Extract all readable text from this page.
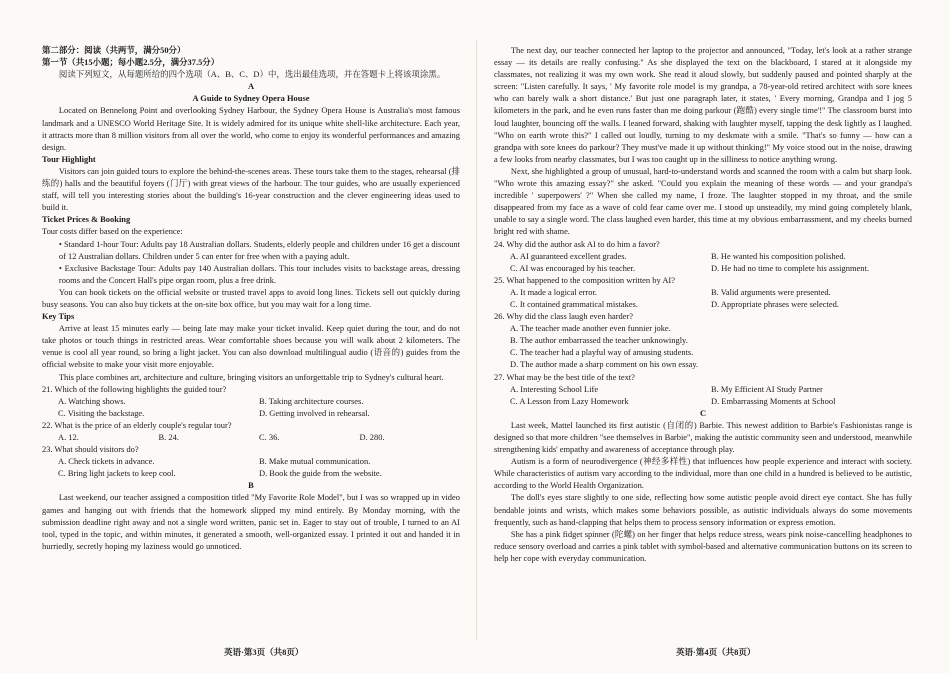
第二部分：阅读（共两节，满分50分）

第一节（共15小题；每小题2.5分，满分37.5分）

阅读下列短文，从每题所给的四个选项（A、B、C、D）中，选出最佳选项，并在答题卡上将该项涂黑。

A

A Guide to Sydney Opera House

Located on Bennelong Point and overlooking Sydney Harbour, the Sydney Opera House is Australia's most famous landmark and a UNESCO World Heritage Site. It is widely admired for its unique white shell-like architecture. Each year, it attracts more than 8 million visitors from all over the world, who come to enjoy its wonderful performances and amazing design.

Tour Highlight

Visitors can join guided tours to explore the behind-the-scenes areas. These tours take them to the stages, rehearsal (排练的) halls and the beautiful foyers (门厅) with great views of the harbour. The tour guides, who are usually experienced staff, will tell you interesting stories about the building's 16-year construction and the clever engineering ideas used to build it.

Ticket Prices & Booking

Tour costs differ based on the experience:

• Standard 1-hour Tour: Adults pay 18 Australian dollars. Students, elderly people and children under 16 get a discount of 12 Australian dollars. Children under 5 can enter for free when with a paying adult.

• Exclusive Backstage Tour: Adults pay 140 Australian dollars. This tour includes visits to backstage areas, dressing rooms and the Concert Hall's pipe organ room, plus a free drink.

You can book tickets on the official website or trusted travel apps to avoid long lines. Tickets sell out quickly during busy seasons. You can also buy tickets at the on-site box office, but you may wait for a long time.

Key Tips

Arrive at least 15 minutes early — being late may make your ticket invalid. Keep quiet during the tour, and do not take photos or touch things in restricted areas. Wear comfortable shoes because you will walk about 2 kilometers. The venue is cool all year round, so bring a light jacket. You can also download multilingual audio (语音的) guides from the official website to make your visit more enjoyable.

This place combines art, architecture and culture, bringing visitors an unforgettable trip to Sydney's cultural heart.

21. Which of the following highlights the guided tour?

A. Watching shows.	B. Taking architecture courses.
C. Visiting the backstage.	D. Getting involved in rehearsal.

22. What is the price of an elderly couple's regular tour?

A. 12.	B. 24.	C. 36.	D. 280.

23. What should visitors do?

A. Check tickets in advance.	B. Make mutual communication.
C. Bring light jackets to keep cool.	D. Book the guide from the website.

B

Last weekend, our teacher assigned a composition titled "My Favorite Role Model", but I was so wrapped up in video games and hanging out with friends that the homework slipped my mind entirely. By Monday morning, with the submission deadline right away and not a single word written, panic set in. Eager to stay out of trouble, I turned to an AI tool, typed in the topic, and within minutes, it generated a smooth, well-organized essay. I printed it out and handed it in hurriedly, secretly hoping my laziness would go unnoticed.

The next day, our teacher connected her laptop to the projector and announced, "Today, let's look at a rather strange essay — its details are really confusing." As she displayed the text on the blackboard, I stared at it alongside my classmates, not realizing it was my own work. She read it aloud slowly, but suddenly paused and pointed sharply at the screen: "Listen carefully. It says, ' My favorite role model is my grandpa, a 78-year-old retired architect with sore knees who can barely walk a short distance.' But just one paragraph later, it states, ' Every morning, Grandpa and I jog 5 kilometers in the park, and he even runs faster than me doing parkour (跑酷) every single time'!" The classroom burst into loud laughter, bouncing off the walls. I leaned forward, shaking with laughter myself, tapping the desk lightly as I laughed. "Who on earth wrote this?" I called out loudly, turning to my deskmate with a smile. "That's so funny — how can a grandpa with sore knees do parkour? They must've made it up without thinking!" My voice stood out in the noise, drawing a few looks from nearby classmates, but I was too caught up in the silliness to notice anything wrong.

Next, she highlighted a group of unusual, hard-to-understand words and scanned the room with a calm but sharp look. "Who wrote this amazing essay?" she asked. "Could you explain the meaning of these words — and your grandpa's incredible ' superpowers' ?" When she called my name, I froze. The laughter stopped in my throat, and the smile disappeared from my face as a wave of cold fear came over me. I stood up unsteadily, my mind going completely blank, unable to say a single word. The class laughed even harder, this time at my obvious embarrassment, and my cheeks burned bright red with shame.

24. Why did the author ask AI to do him a favor?

A. AI guaranteed excellent grades.	B. He wanted his composition polished.
C. AI was encouraged by his teacher.	D. He had no time to complete his assignment.

25. What happened to the composition written by AI?

A. It made a logical error.	B. Valid arguments were presented.
C. It contained grammatical mistakes.	D. Appropriate phrases were selected.

26. Why did the class laugh even harder?

A. The teacher made another even funnier joke.
B. The author embarrassed the teacher unknowingly.
C. The teacher had a playful way of amusing students.
D. The author made a sharp comment on his own essay.

27. What may be the best title of the text?

A. Interesting School Life	B. My Efficient AI Study Partner
C. A Lesson from Lazy Homework	D. Embarrassing Moments at School

C

Last week, Mattel launched its first autistic (自闭的) Barbie. This newest addition to Barbie's Fashionistas range is designed so that more children "see themselves in Barbie", making the autistic community seen and understood, meanwhile strengthening kids' empathy and awareness of acceptance through play.

Autism is a form of neurodivergence (神经多样性) that influences how people experience and interact with society. While characteristics of autism vary according to the individual, more than one child in a hundred is believed to be autistic, according to the World Health Organization.

The doll's eyes stare slightly to one side, reflecting how some autistic people avoid direct eye contact. She has fully bendable joints and wrists, which makes some behaviors possible, as autistic individuals always do some movements frequently, such as hand-clapping that helps them to process sensory information or express emotion.

She has a pink fidget spinner (陀螺) on her finger that helps reduce stress, wears pink noise-cancelling headphones to reduce sensory overload and carries a pink tablet with symbol-based and alternative communication buttons on its screen to help her cope with everyday communication.

英语·第3页（共8页）	英语·第4页（共8页）
